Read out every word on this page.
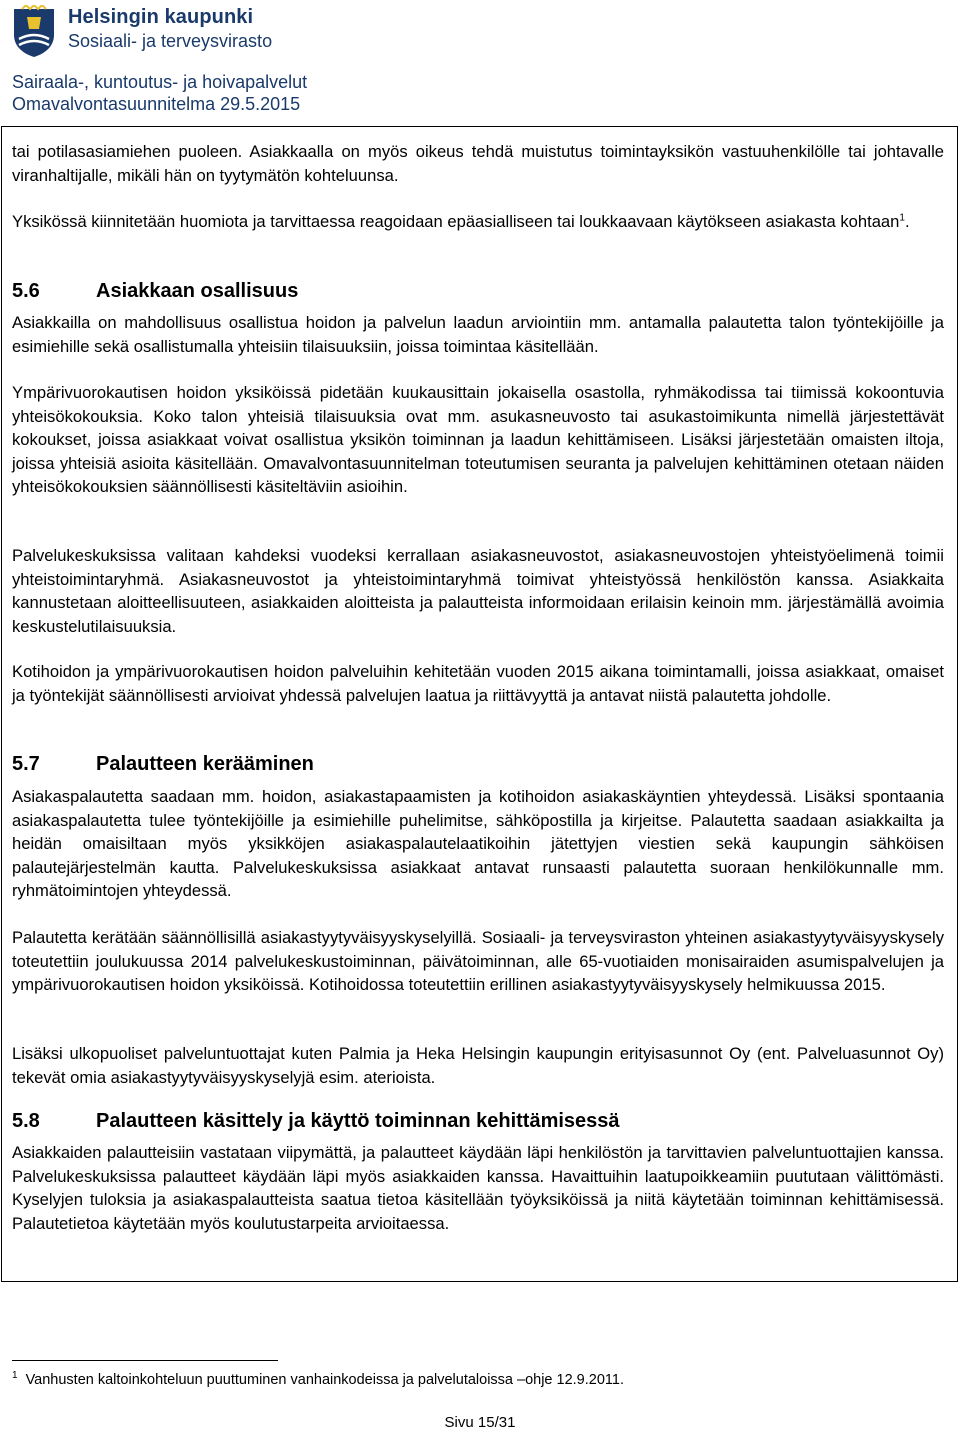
Helsingin kaupunki
Sosiaali- ja terveysvirasto
Sairaala-, kuntoutus- ja hoivapalvelut
Omavalvontasuunnitelma 29.5.2015
tai potilasasiamiehen puoleen. Asiakkaalla on myös oikeus tehdä muistutus toimintayksikön vastuuhenkilölle tai johtavalle viranhaltijalle, mikäli hän on tyytymätön kohteluunsa.
Yksikössä kiinnitetään huomiota ja tarvittaessa reagoidaan epäasialliseen tai loukkaavaan käytökseen asiakasta kohtaan$^1$.
5.6	Asiakkaan osallisuus
Asiakkailla on mahdollisuus osallistua hoidon ja palvelun laadun arviointiin mm. antamalla palautetta talon työntekijöille ja esimiehille sekä osallistumalla yhteisiin tilaisuuksiin, joissa toimintaa käsitellään.
Ympärivuorokautisen hoidon yksiköissä pidetään kuukausittain jokaisella osastolla, ryhmäkodissa tai tiimissä kokoontuvia yhteisökokouksia. Koko talon yhteisiä tilaisuuksia ovat mm. asukasneuvosto tai asukastoimikunta nimellä järjestettävät kokoukset, joissa asiakkaat voivat osallistua yksikön toiminnan ja laadun kehittämiseen. Lisäksi järjestetään omaisten iltoja, joissa yhteisiä asioita käsitellään. Omavalvontasuunnitelman toteutumisen seuranta ja palvelujen kehittäminen otetaan näiden yhteisökokouksien säännöllisesti käsiteltäviin asioihin.
Palvelukeskuksissa valitaan kahdeksi vuodeksi kerrallaan asiakasneuvostot, asiakasneuvostojen yhteistyöelimenä toimii yhteistoimintaryhmä. Asiakasneuvostot ja yhteistoimintaryhmä toimivat yhteistyössä henkilöstön kanssa. Asiakkaita kannustetaan aloitteellisuuteen, asiakkaiden aloitteista ja palautteista informoidaan erilaisin keinoin mm. järjestämällä avoimia keskustelutilaisuuksia.
Kotihoidon ja ympärivuorokautisen hoidon palveluihin kehitetään vuoden 2015 aikana toimintamalli, joissa asiakkaat, omaiset ja työntekijät säännöllisesti arvioivat yhdessä palvelujen laatua ja riittävyyttä ja antavat niistä palautetta johdolle.
5.7	Palautteen kerääminen
Asiakaspalautetta saadaan mm. hoidon, asiakastapaamisten ja kotihoidon asiakaskäyntien yhteydessä. Lisäksi spontaania asiakaspalautetta tulee työntekijöille ja esimiehille puhelimitse, sähköpostilla ja kirjeitse. Palautetta saadaan asiakkailta ja heidän omaisiltaan myös yksikköjen asiakaspalautelaatikoihin jätettyjen viestien sekä kaupungin sähköisen palautejärjestelmän kautta. Palvelukeskuksissa asiakkaat antavat runsaasti palautetta suoraan henkilökunnalle mm. ryhmätoimintojen yhteydessä.
Palautetta kerätään säännöllisillä asiakastyytyväisyyskyselyillä. Sosiaali- ja terveysviraston yhteinen asiakastyytyväisyyskysely toteutettiin joulukuussa 2014 palvelukeskustoiminnan, päivätoiminnan, alle 65-vuotiaiden monisairaiden asumispalvelujen ja ympärivuorokautisen hoidon yksiköissä. Kotihoidossa toteutettiin erillinen asiakastyytyväisyyskysely helmikuussa 2015.
Lisäksi ulkopuoliset palveluntuottajat kuten Palmia ja Heka Helsingin kaupungin erityisasunnot Oy (ent. Palveluasunnot Oy) tekevät omia asiakastyytyväisyyskyselyjä esim. aterioista.
5.8	Palautteen käsittely ja käyttö toiminnan kehittämisessä
Asiakkaiden palautteisiin vastataan viipymättä, ja palautteet käydään läpi henkilöstön ja tarvittavien palveluntuottajien kanssa. Palvelukeskuksissa palautteet käydään läpi myös asiakkaiden kanssa. Havaittuihin laatupoikkeamiin puututaan välittömästi. Kyselyjen tuloksia ja asiakaspalautteista saatua tietoa käsitellään työyksiköissä ja niitä käytetään toiminnan kehittämisessä. Palautetietoa käytetään myös koulutustarpeita arvioitaessa.
$^1$ Vanhusten kaltoinkohteluun puuttuminen vanhainkodeissa ja palvelutaloissa –ohje 12.9.2011.
Sivu 15/31
